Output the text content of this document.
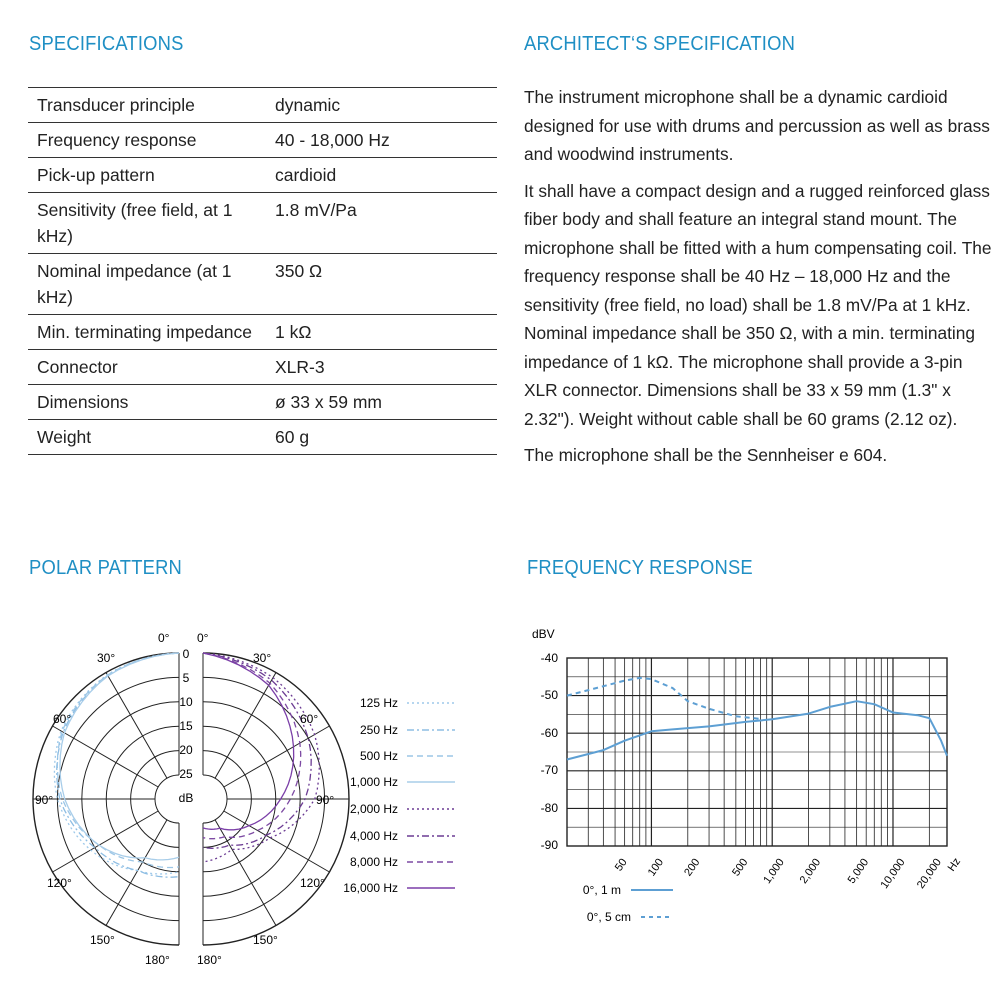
SPECIFICATIONS	ARCHITECT‘S SPECIFICATION
Transducer principle	dynamic
Frequency response	40 - 18,000 Hz
Pick-up pattern	cardioid
Sensitivity (free field, at 1 kHz)	1.8 mV/Pa
Nominal impedance (at 1 kHz)	350 Ω
Min. terminating impedance	1 kΩ
Connector	XLR-3
Dimensions	ø 33 x 59 mm
Weight	60 g

The instrument microphone shall be a dynamic cardioid designed for use with drums and percussion as well as brass and woodwind instruments.

It shall have a compact design and a rugged reinforced glass fiber body and shall feature an integral stand mount. The microphone shall be fitted with a hum compensating coil. The frequency response shall be 40 Hz – 18,000 Hz and the sensitivity (free field, no load) shall be 1.8 mV/Pa at 1 kHz. Nominal impedance shall be 350 Ω, with a min. terminating impedance of 1 kΩ. The microphone shall provide a 3-pin XLR connector. Dimensions shall be 33 x 59 mm (1.3" x 2.32"). Weight without cable shall be 60 grams (2.12 oz).

The microphone shall be the Sennheiser e 604.

POLAR PATTERN	FREQUENCY RESPONSE
0° 0°
30°	30°
60°	60°
90°	90°
120°	120°
150°	150°
180° 180°
0
5
10
15
20
25
dB
125 Hz
250 Hz
500 Hz
1,000 Hz
2,000 Hz
4,000 Hz
8,000 Hz
16,000 Hz
dBV
-40
-50
-60
-70
-80
-90
50 100 200	500 1,000 2,000 5,000 10,000 20,000 Hz
0°, 1 m
0°, 5 cm
